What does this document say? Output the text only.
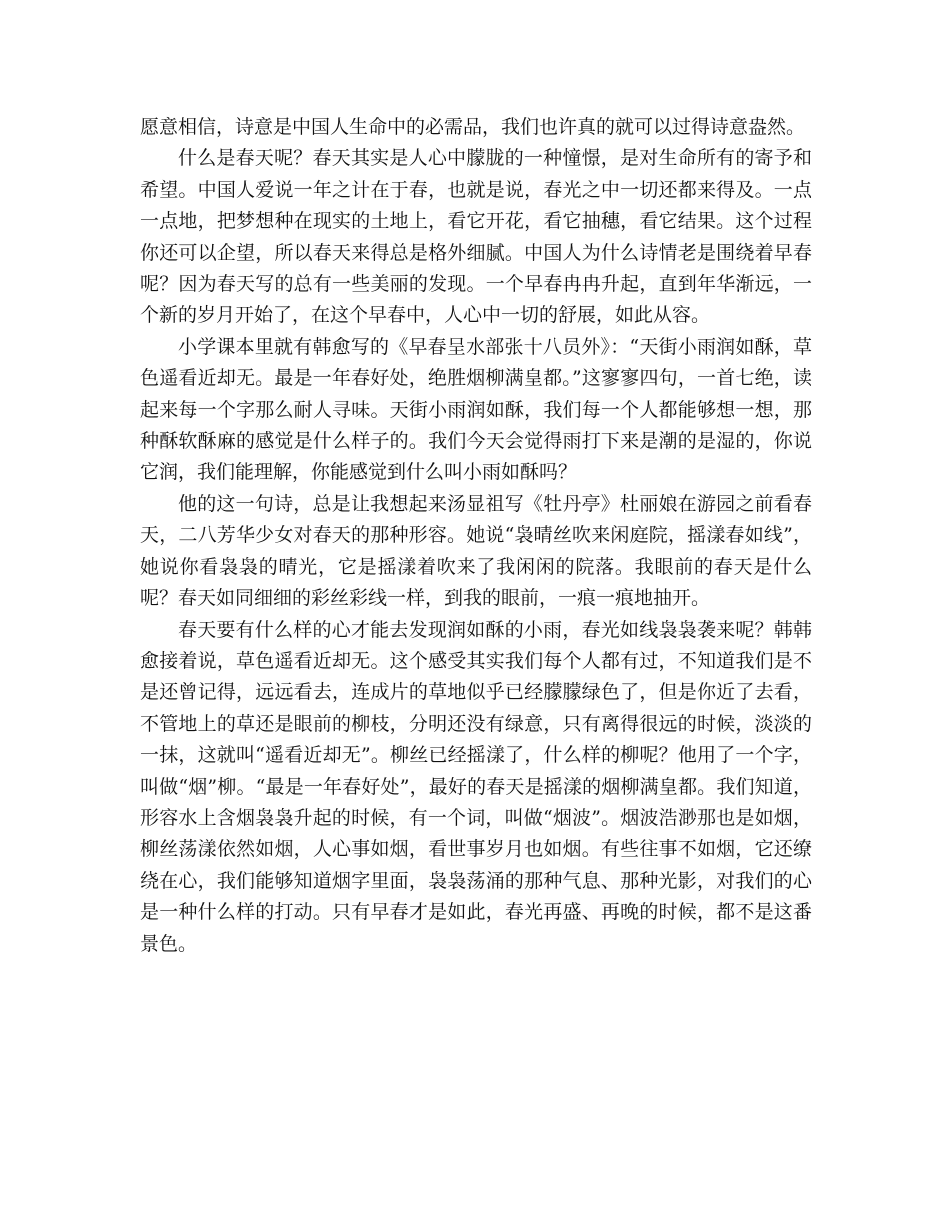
愿意相信，诗意是中国人生命中的必需品，我们也许真的就可以过得诗意盎然。

什么是春天呢？春天其实是人心中朦胧的一种憧憬，是对生命所有的寄予和希望。中国人爱说一年之计在于春，也就是说，春光之中一切还都来得及。一点一点地，把梦想种在现实的土地上，看它开花，看它抽穗，看它结果。这个过程你还可以企望，所以春天来得总是格外细腻。中国人为什么诗情老是围绕着早春呢？因为春天写的总有一些美丽的发现。一个早春冉冉升起，直到年华渐远，一个新的岁月开始了，在这个早春中，人心中一切的舒展，如此从容。

小学课本里就有韩愈写的《早春呈水部张十八员外》：“天街小雨润如酥，草色遥看近却无。最是一年春好处，绝胜烟柳满皇都。”这寥寥四句，一首七绝，读起来每一个字那么耐人寻味。天街小雨润如酥，我们每一个人都能够想一想，那种酥软酥麻的感觉是什么样子的。我们今天会觉得雨打下来是潮的是湿的，你说它润，我们能理解，你能感觉到什么叫小雨如酥吗？

他的这一句诗，总是让我想起来汤显祖写《牡丹亭》杜丽娘在游园之前看春天，二八芳华少女对春天的那种形容。她说“袅晴丝吹来闲庭院，摇漾春如线”，她说你看袅袅的晴光，它是摇漾着吹来了我闲闲的院落。我眼前的春天是什么呢？春天如同细细的彩丝彩线一样，到我的眼前，一痕一痕地抽开。

春天要有什么样的心才能去发现润如酥的小雨，春光如线袅袅袭来呢？韩韩愈接着说，草色遥看近却无。这个感受其实我们每个人都有过，不知道我们是不是还曾记得，远远看去，连成片的草地似乎已经朦朦绿色了，但是你近了去看，不管地上的草还是眼前的柳枝，分明还没有绿意，只有离得很远的时候，淡淡的一抹，这就叫“遥看近却无”。柳丝已经摇漾了，什么样的柳呢？他用了一个字，叫做“烟”柳。“最是一年春好处”，最好的春天是摇漾的烟柳满皇都。我们知道，形容水上含烟袅袅升起的时候，有一个词，叫做“烟波”。烟波浩渺那也是如烟，柳丝荡漾依然如烟，人心事如烟，看世事岁月也如烟。有些往事不如烟，它还缭绕在心，我们能够知道烟字里面，袅袅荡涌的那种气息、那种光影，对我们的心是一种什么样的打动。只有早春才是如此，春光再盛、再晚的时候，都不是这番景色。
